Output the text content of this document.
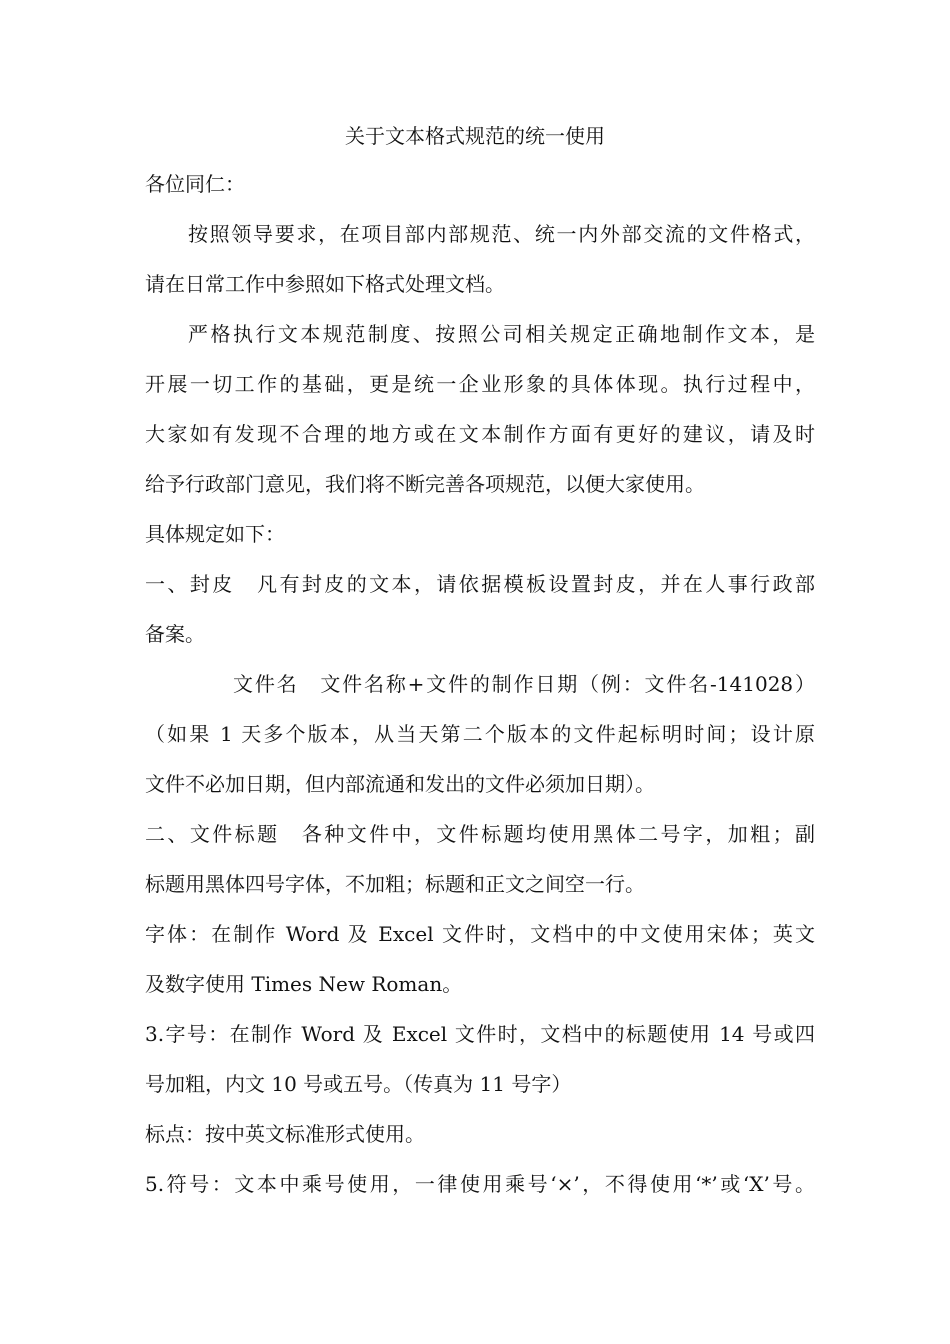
关于文本格式规范的统一使用
各位同仁：
按照领导要求，在项目部内部规范、统一内外部交流的文件格式，
请在日常工作中参照如下格式处理文档。
严格执行文本规范制度、按照公司相关规定正确地制作文本，是
开展一切工作的基础，更是统一企业形象的具体体现。执行过程中，
大家如有发现不合理的地方或在文本制作方面有更好的建议，请及时
给予行政部门意见，我们将不断完善各项规范，以便大家使用。
具体规定如下：
一、封皮　凡有封皮的文本，请依据模板设置封皮，并在人事行政部
备案。
文件名　文件名称+文件的制作日期（例：文件名-141028）
（如果 1 天多个版本，从当天第二个版本的文件起标明时间；设计原
文件不必加日期，但内部流通和发出的文件必须加日期）。
二、文件标题　各种文件中，文件标题均使用黑体二号字，加粗；副
标题用黑体四号字体，不加粗；标题和正文之间空一行。
字体：在制作 Word 及 Excel 文件时，文档中的中文使用宋体；英文
及数字使用 Times New Roman。
3.字号：在制作 Word 及 Excel 文件时，文档中的标题使用 14 号或四
号加粗，内文 10 号或五号。（传真为 11 号字）
标点：按中英文标准形式使用。
5.符号：文本中乘号使用，一律使用乘号‘×’，不得使用‘*’或‘X’号。
